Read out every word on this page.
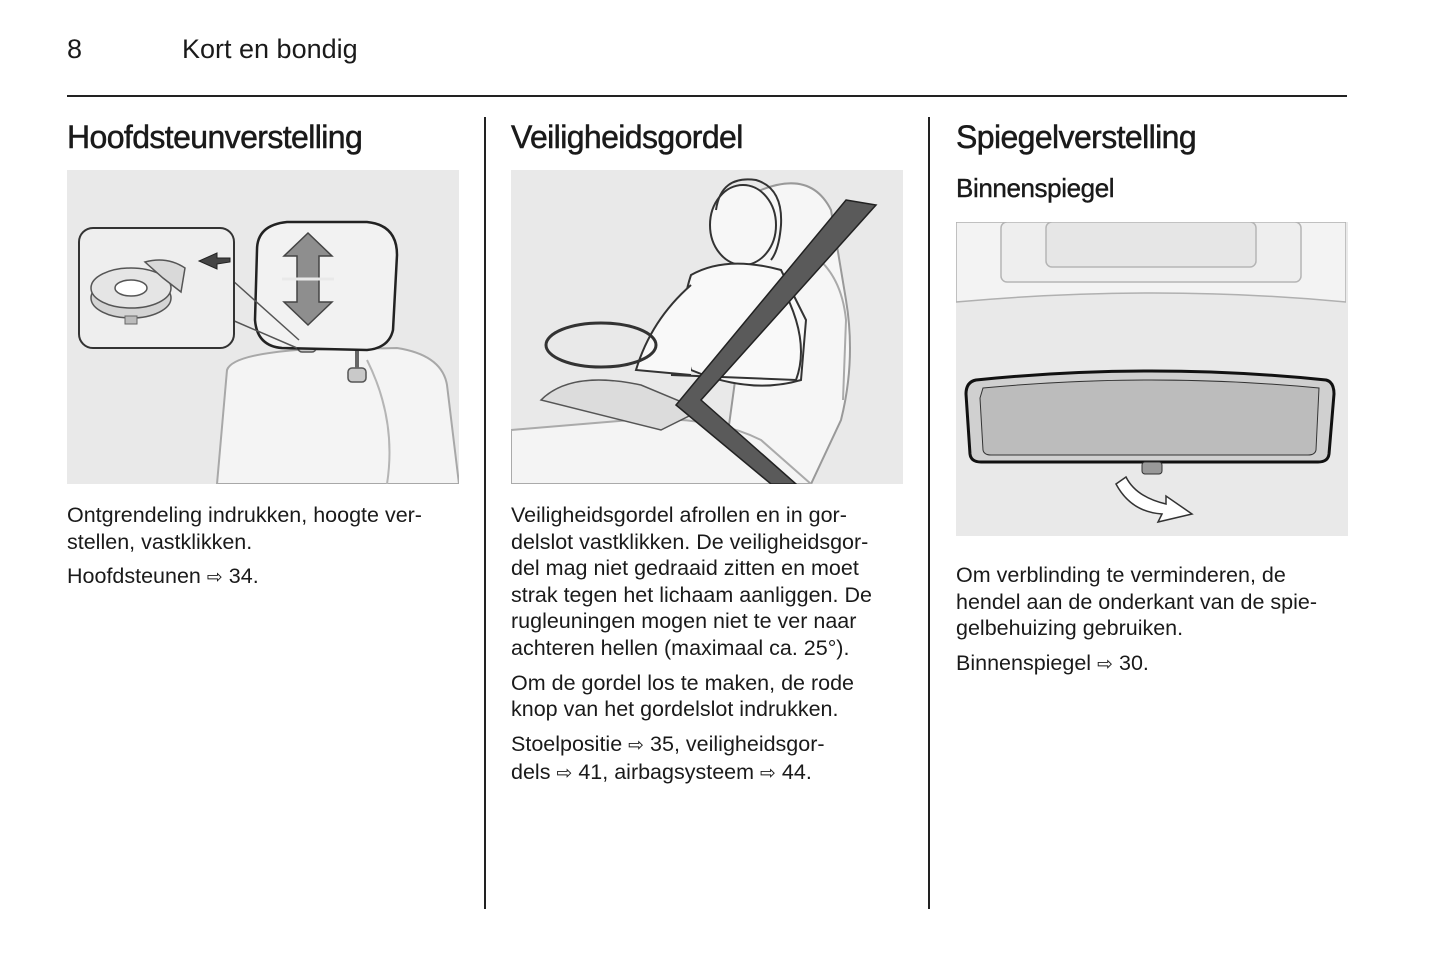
8	Kort en bondig
Hoofdsteunverstelling

Ontgrendeling indrukken, hoogte ver-
stellen, vastklikken.

Hoofdsteunen ⇨ 34.

Veiligheidsgordel

Veiligheidsgordel afrollen en in gor-
delslot vastklikken. De veiligheidsgor-
del mag niet gedraaid zitten en moet
strak tegen het lichaam aanliggen. De
rugleuningen mogen niet te ver naar
achteren hellen (maximaal ca. 25°).

Om de gordel los te maken, de rode
knop van het gordelslot indrukken.

Stoelpositie ⇨ 35, veiligheidsgor-
dels ⇨ 41, airbagsysteem ⇨ 44.

Spiegelverstelling
Binnenspiegel

Om verblinding te verminderen, de
hendel aan de onderkant van de spie-
gelbehuizing gebruiken.

Binnenspiegel ⇨ 30.
